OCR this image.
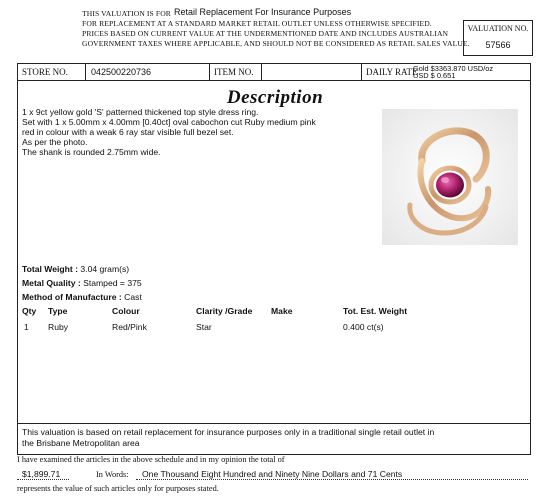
THIS VALUATION IS FOR Retail Replacement For Insurance Purposes
FOR REPLACEMENT AT A STANDARD MARKET RETAIL OUTLET UNLESS OTHERWISE SPECIFIED.
PRICES BASED ON CURRENT VALUE AT THE UNDERMENTIONED DATE AND INCLUDES AUSTRALIAN
GOVERNMENT TAXES WHERE APPLICABLE, AND SHOULD NOT BE CONSIDERED AS RETAIL SALES VALUE.
VALUATION NO.
57566
STORE NO.	042500220736	ITEM NO.	DAILY RATE
Gold $3363.870 USD/oz
USD $ 0.651
Description
1 x 9ct yellow gold 'S' patterned thickened top style dress ring.
Set with 1 x 5.00mm x 4.00mm [0.40ct] oval cabochon cut Ruby medium pink
red in colour with a weak 6 ray star visible full bezel set.
As per the photo.
The shank is rounded 2.75mm wide.
Total Weight : 3.04 gram(s)
Metal Quality : Stamped = 375
Method of Manufacture : Cast
Qty Type	Colour	Clarity /Grade Make	Tot. Est. Weight
1 Ruby	Red/Pink	Star	0.400 ct(s)
This valuation is based on retail replacement for insurance purposes only in a traditional single retail outlet in
the Brisbane Metropolitan area
I have examined the articles in the above schedule and in my opinion the total of
$1,899.71	In Words: One Thousand Eight Hundred and Ninety Nine Dollars and 71 Cents
represents the value of such articles only for purposes stated.
